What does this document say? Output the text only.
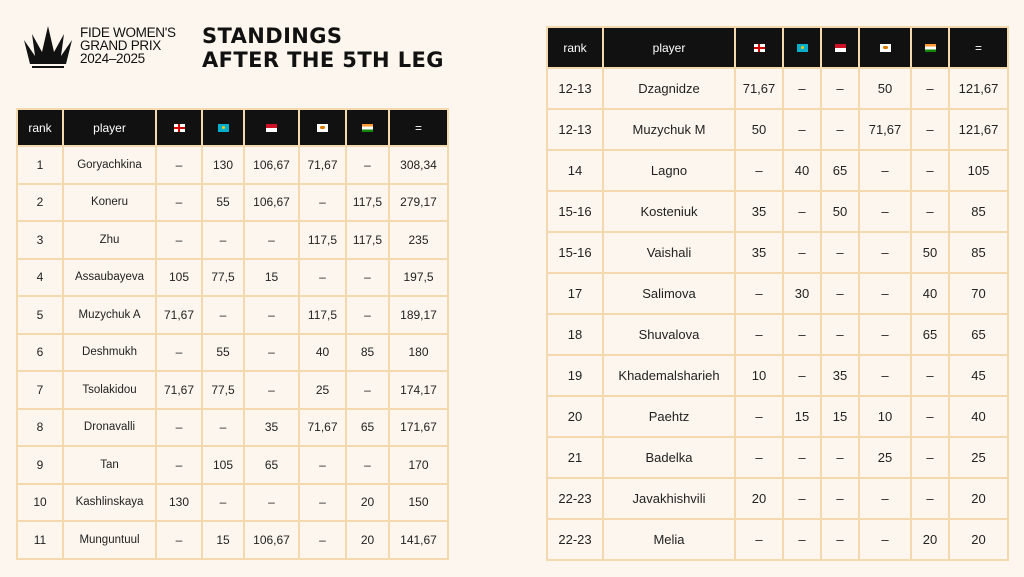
FIDE WOMEN'S
GRAND PRIX
2024–2025
STANDINGS
AFTER THE 5TH LEG
rank	player						=
1	Goryachkina	–	130	106,67	71,67	–	308,34
2	Koneru	–	55	106,67	–	117,5	279,17
3	Zhu	–	–	–	117,5	117,5	235
4	Assaubayeva	105	77,5	15	–	–	197,5
5	Muzychuk A	71,67	–	–	117,5	–	189,17
6	Deshmukh	–	55	–	40	85	180
7	Tsolakidou	71,67	77,5	–	25	–	174,17
8	Dronavalli	–	–	35	71,67	65	171,67
9	Tan	–	105	65	–	–	170
10	Kashlinskaya	130	–	–	–	20	150
11	Munguntuul	–	15	106,67	–	20	141,67
rank	player						=
12-13	Dzagnidze	71,67	–	–	50	–	121,67
12-13	Muzychuk M	50	–	–	71,67	–	121,67
14	Lagno	–	40	65	–	–	105
15-16	Kosteniuk	35	–	50	–	–	85
15-16	Vaishali	35	–	–	–	50	85
17	Salimova	–	30	–	–	40	70
18	Shuvalova	–	–	–	–	65	65
19	Khademalsharieh	10	–	35	–	–	45
20	Paehtz	–	15	15	10	–	40
21	Badelka	–	–	–	25	–	25
22-23	Javakhishvili	20	–	–	–	–	20
22-23	Melia	–	–	–	–	20	20
